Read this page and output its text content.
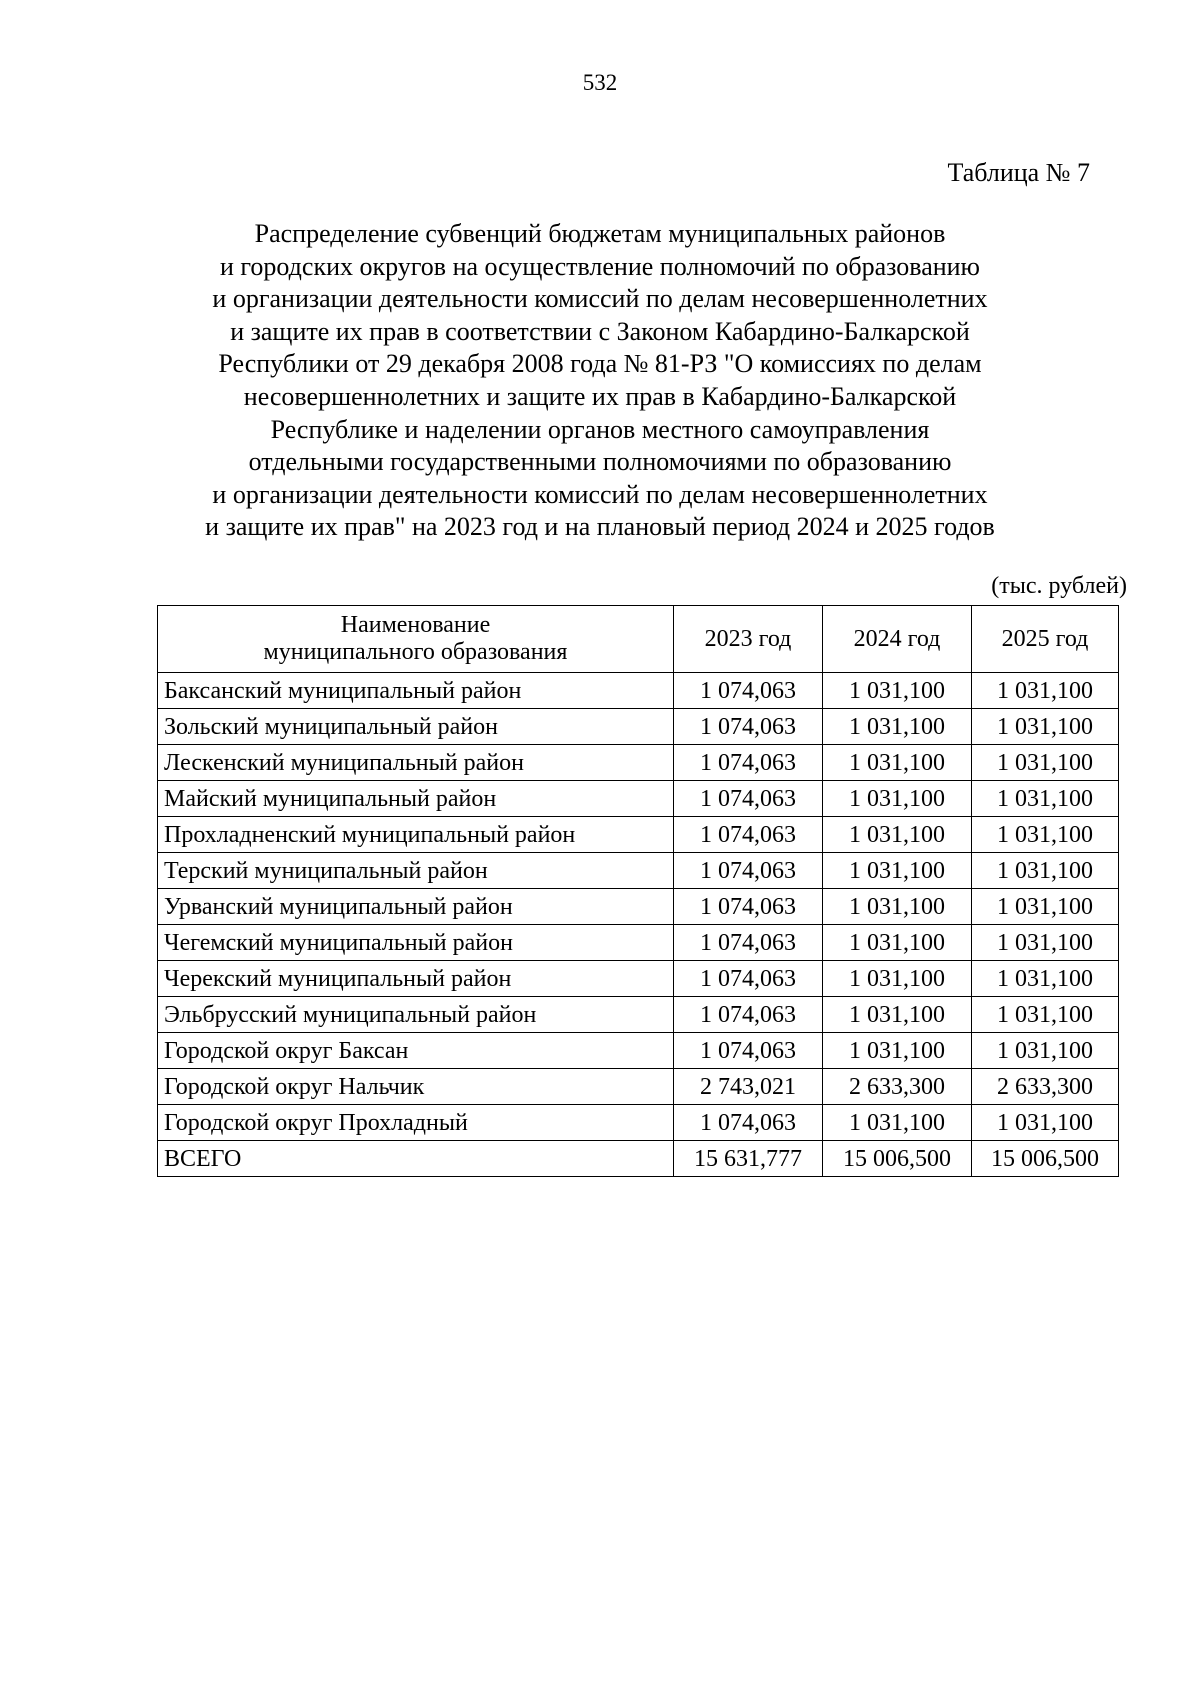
532
Таблица № 7
Распределение субвенций бюджетам муниципальных районов
и городских округов на осуществление полномочий по образованию
и организации деятельности комиссий по делам несовершеннолетних
и защите их прав в соответствии с Законом Кабардино-Балкарской
Республики от 29 декабря 2008 года № 81-РЗ "О комиссиях по делам
несовершеннолетних и защите их прав в Кабардино-Балкарской
Республике и наделении органов местного самоуправления
отдельными государственными полномочиями по образованию
и организации деятельности комиссий по делам несовершеннолетних
и защите их прав" на 2023 год и на плановый период 2024 и 2025 годов
(тыс. рублей)
Наименование
муниципального образования	2023 год	2024 год	2025 год
Баксанский муниципальный район	1 074,063	1 031,100	1 031,100
Зольский муниципальный район	1 074,063	1 031,100	1 031,100
Лескенский муниципальный район	1 074,063	1 031,100	1 031,100
Майский муниципальный район	1 074,063	1 031,100	1 031,100
Прохладненский муниципальный район	1 074,063	1 031,100	1 031,100
Терский муниципальный район	1 074,063	1 031,100	1 031,100
Урванский муниципальный район	1 074,063	1 031,100	1 031,100
Чегемский муниципальный район	1 074,063	1 031,100	1 031,100
Черекский муниципальный район	1 074,063	1 031,100	1 031,100
Эльбрусский муниципальный район	1 074,063	1 031,100	1 031,100
Городской округ Баксан	1 074,063	1 031,100	1 031,100
Городской округ Нальчик	2 743,021	2 633,300	2 633,300
Городской округ Прохладный	1 074,063	1 031,100	1 031,100
ВСЕГО	15 631,777	15 006,500	15 006,500
